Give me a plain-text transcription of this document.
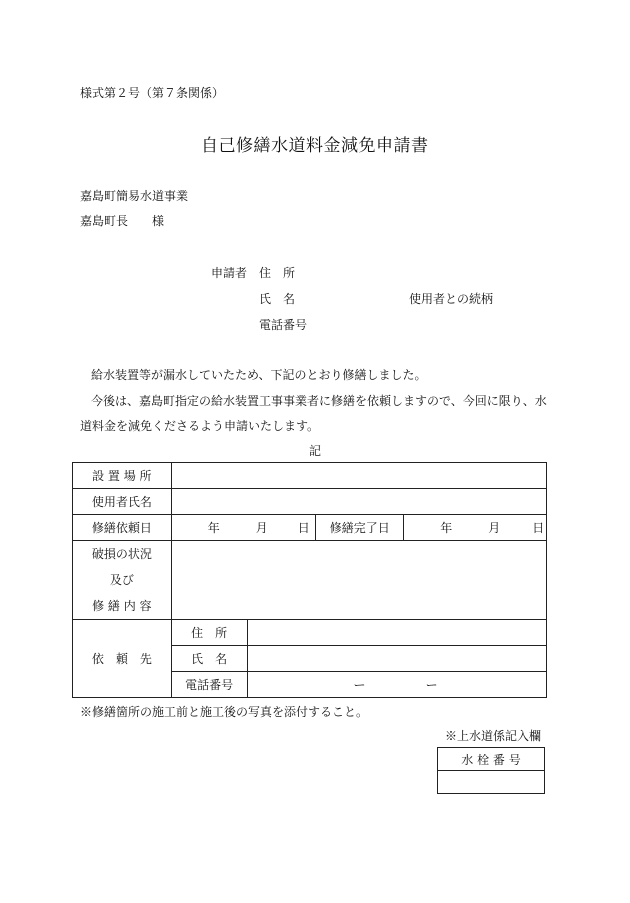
様式第２号（第７条関係）
自己修繕水道料金減免申請書
嘉島町簡易水道事業
嘉島町長　　様
申請者 住　所
氏　名	使用者との続柄
電話番号
給水装置等が漏水していたため、下記のとおり修繕しました。
今後は、嘉島町指定の給水装置工事事業者に修繕を依頼しますので、今回に限り、水
道料金を減免くださるよう申請いたします。
記
設 置 場 所				
使用者氏名				
修繕依頼日	年 月 日		修繕完了日	年 月 日

破損の状況
及び
修 繕 内 容				

依　頼　先	住　所			
	氏　名			
	電話番号	ー ー		
※修繕箇所の施工前と施工後の写真を添付すること。
※上水道係記入欄
水 栓 番 号
